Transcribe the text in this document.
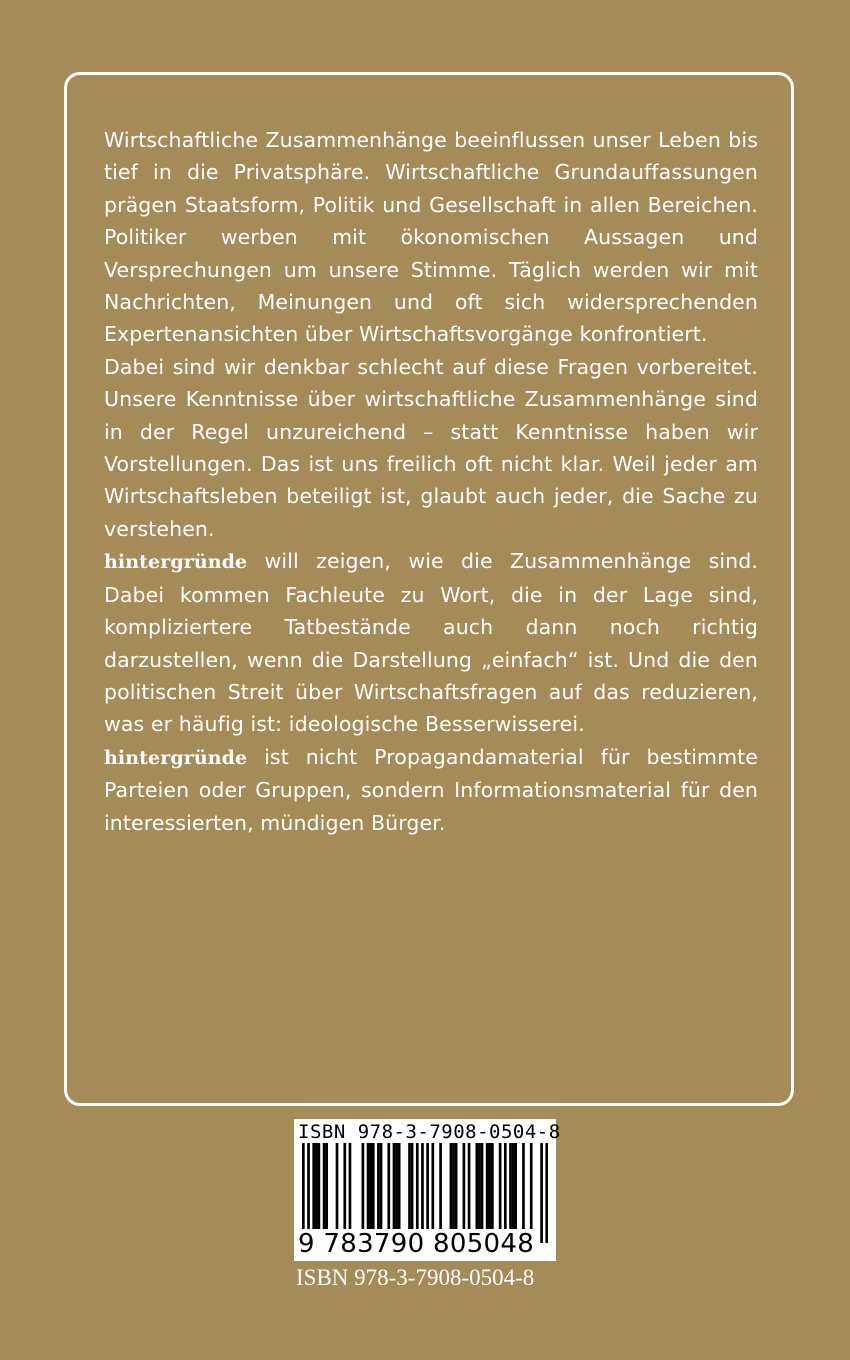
Wirtschaftliche Zusammenhänge beeinflussen unser Leben bis tief in die Privatsphäre. Wirtschaftliche Grundauffassungen prägen Staatsform, Politik und Gesellschaft in allen Bereichen. Politiker werben mit ökonomischen Aussagen und Versprechungen um unsere Stimme. Täglich werden wir mit Nachrichten, Meinungen und oft sich widersprechenden Expertenansichten über Wirtschaftsvorgänge konfrontiert.

Dabei sind wir denkbar schlecht auf diese Fragen vorbereitet. Unsere Kenntnisse über wirtschaftliche Zusammenhänge sind in der Regel unzureichend – statt Kenntnisse haben wir Vorstellungen. Das ist uns freilich oft nicht klar. Weil jeder am Wirtschaftsleben beteiligt ist, glaubt auch jeder, die Sache zu verstehen.

hintergründe will zeigen, wie die Zusammenhänge sind. Dabei kommen Fachleute zu Wort, die in der Lage sind, kompliziertere Tatbestände auch dann noch richtig darzustellen, wenn die Darstellung „einfach“ ist. Und die den politischen Streit über Wirtschaftsfragen auf das reduzieren, was er häufig ist: ideologische Besserwisserei.

hintergründe ist nicht Propagandamaterial für bestimmte Parteien oder Gruppen, sondern Informationsmaterial für den interessierten, mündigen Bürger.

ISBN 978-3-7908-0504-8
9 783790 805048
ISBN 978-3-7908-0504-8
